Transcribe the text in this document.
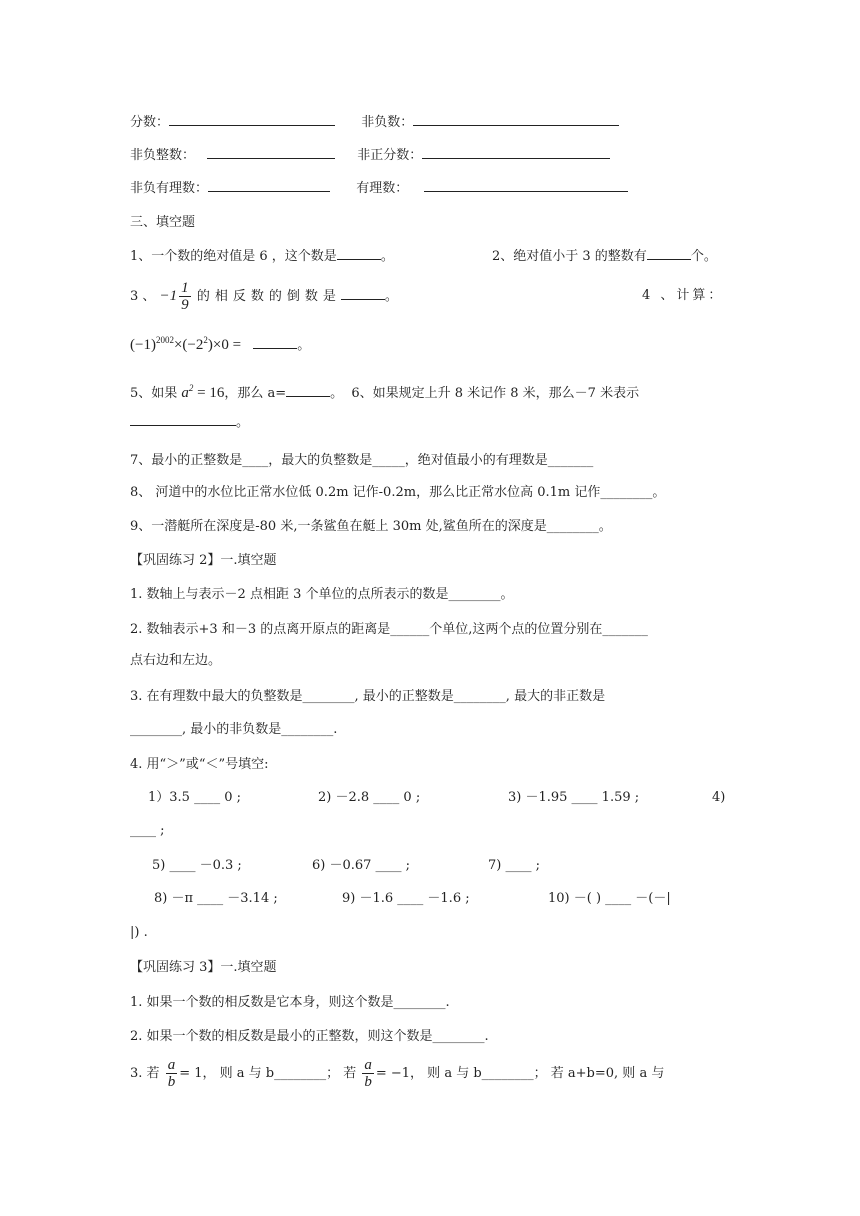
分数：	非负数：
非负整数：	非正分数：
非负有理数：	有理数：
三、填空题
1、一个数的绝对值是 6 ，这个数是	。	2、绝对值小于 3 的整数有	个。
3 、 $-1 \frac{1}{9}$ 的相反数的倒数是	。	4 、计算：
$(-1)^{2002}\times(-2^2)\times 0$ =	。
5、如果 $a^2 = 16$，那么 a=	。 6、如果规定上升 8 米记作 8 米，那么－7 米表示
。
7、最小的正整数是____，最大的负整数是_____，绝对值最小的有理数是_______
8、 河道中的水位比正常水位低 0.2m 记作-0.2m，那么比正常水位高 0.1m 记作________。
9、一潜艇所在深度是-80 米,一条鲨鱼在艇上 30m 处,鲨鱼所在的深度是________。
【巩固练习 2】一.填空题
1. 数轴上与表示－2 点相距 3 个单位的点所表示的数是________。
2. 数轴表示+3 和－3 的点离开原点的距离是______个单位,这两个点的位置分别在_______
点右边和左边。
3. 在有理数中最大的负整数是________, 最小的正整数是________, 最大的非正数是
________, 最小的非负数是________.
4. 用“＞”或“＜”号填空:
1）3.5 ____ 0 ;	2) －2.8 ____ 0 ;	3) －1.95 ____ 1.59 ;	4)
____ ;
5) ____ －0.3 ;	6) －0.67 ____ ;	7) ____ ;
8) －π ____ －3.14 ;	9) －1.6 ____ －1.6 ;	10) －( ) ____ －(－|
|) .
【巩固练习 3】一.填空题
1. 如果一个数的相反数是它本身，则这个数是________.
2. 如果一个数的相反数是最小的正整数，则这个数是________.
3. 若 $\frac{a}{b} = 1$， 则 a 与 b________； 若 $\frac{a}{b} = -1$， 则 a 与 b________； 若 a+b=0, 则 a 与
